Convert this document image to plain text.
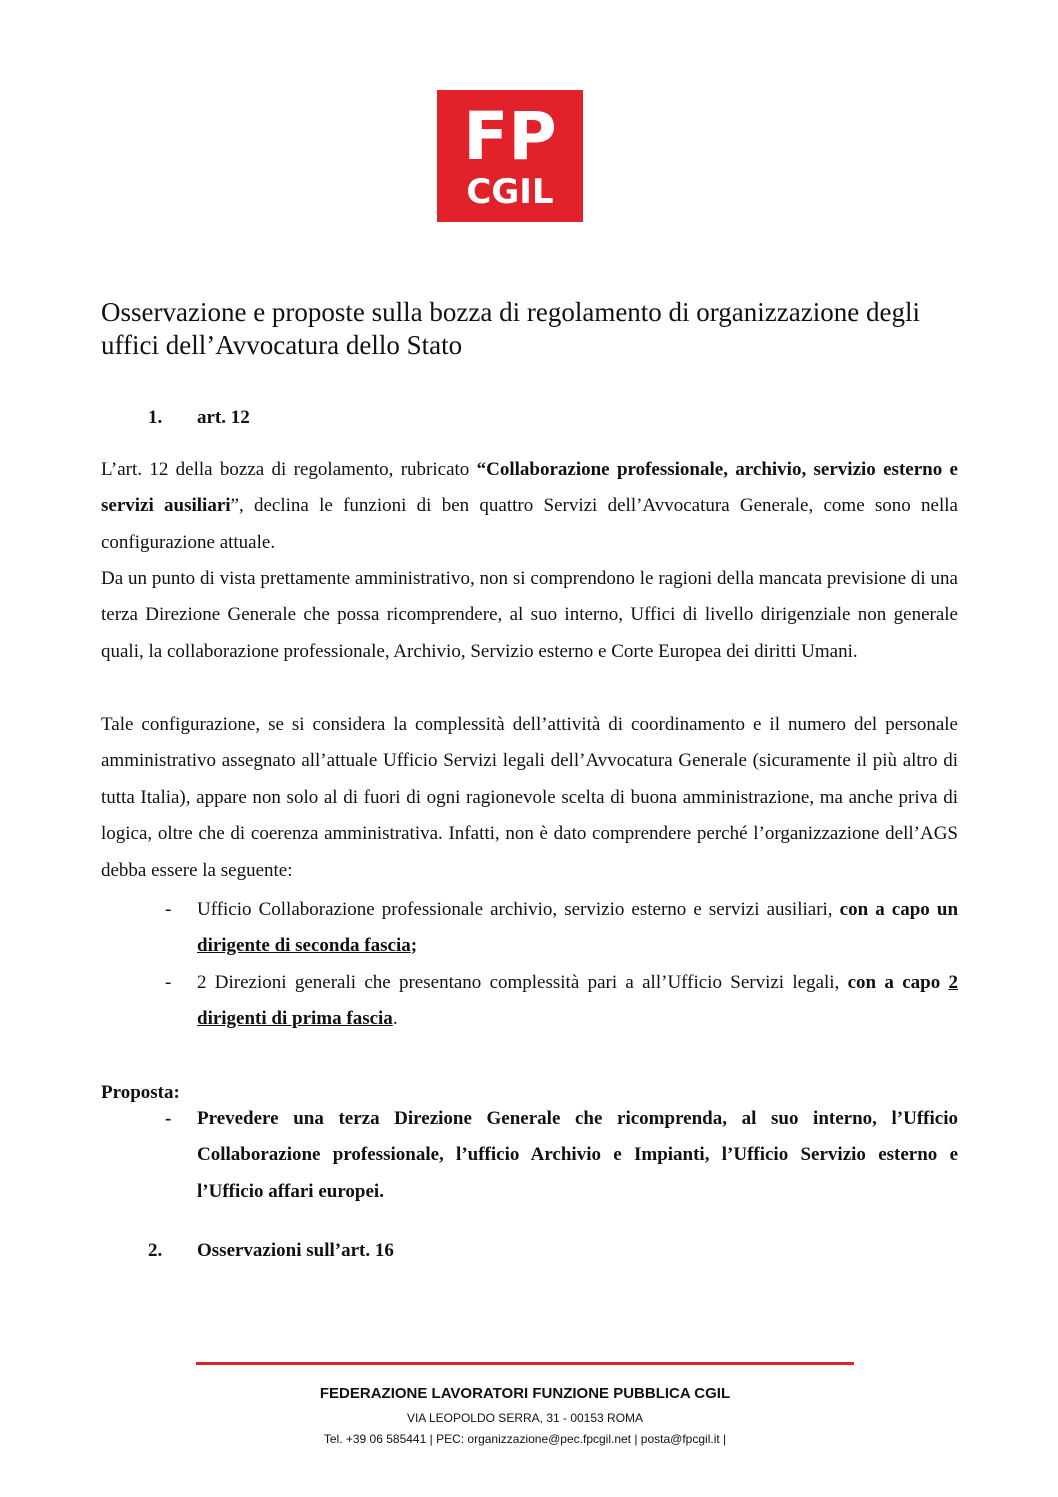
FP
CGIL
Osservazione e proposte sulla bozza di regolamento di organizzazione degli uffici dell’Avvocatura dello Stato
1. art. 12

L’art. 12 della bozza di regolamento, rubricato “Collaborazione professionale, archivio, servizio esterno e servizi ausiliari”, declina le funzioni di ben quattro Servizi dell’Avvocatura Generale, come sono nella configurazione attuale.

Da un punto di vista prettamente amministrativo, non si comprendono le ragioni della mancata previsione di una terza Direzione Generale che possa ricomprendere, al suo interno, Uffici di livello dirigenziale non generale quali, la collaborazione professionale, Archivio, Servizio esterno e Corte Europea dei diritti Umani.

Tale configurazione, se si considera la complessità dell’attività di coordinamento e il numero del personale amministrativo assegnato all’attuale Ufficio Servizi legali dell’Avvocatura Generale (sicuramente il più altro di tutta Italia), appare non solo al di fuori di ogni ragionevole scelta di buona amministrazione, ma anche priva di logica, oltre che di coerenza amministrativa. Infatti, non è dato comprendere perché l’organizzazione dell’AGS debba essere la seguente:

- Ufficio Collaborazione professionale archivio, servizio esterno e servizi ausiliari, con a capo un dirigente di seconda fascia;
- 2 Direzioni generali che presentano complessità pari a all’Ufficio Servizi legali, con a capo 2 dirigenti di prima fascia.
Proposta:
- Prevedere una terza Direzione Generale che ricomprenda, al suo interno, l’Ufficio Collaborazione professionale, l’ufficio Archivio e Impianti, l’Ufficio Servizio esterno e l’Ufficio affari europei.
2. Osservazioni sull’art. 16
FEDERAZIONE LAVORATORI FUNZIONE PUBBLICA CGIL
VIA LEOPOLDO SERRA, 31 - 00153 ROMA
Tel. +39 06 585441 | PEC: organizzazione@pec.fpcgil.net | posta@fpcgil.it |
